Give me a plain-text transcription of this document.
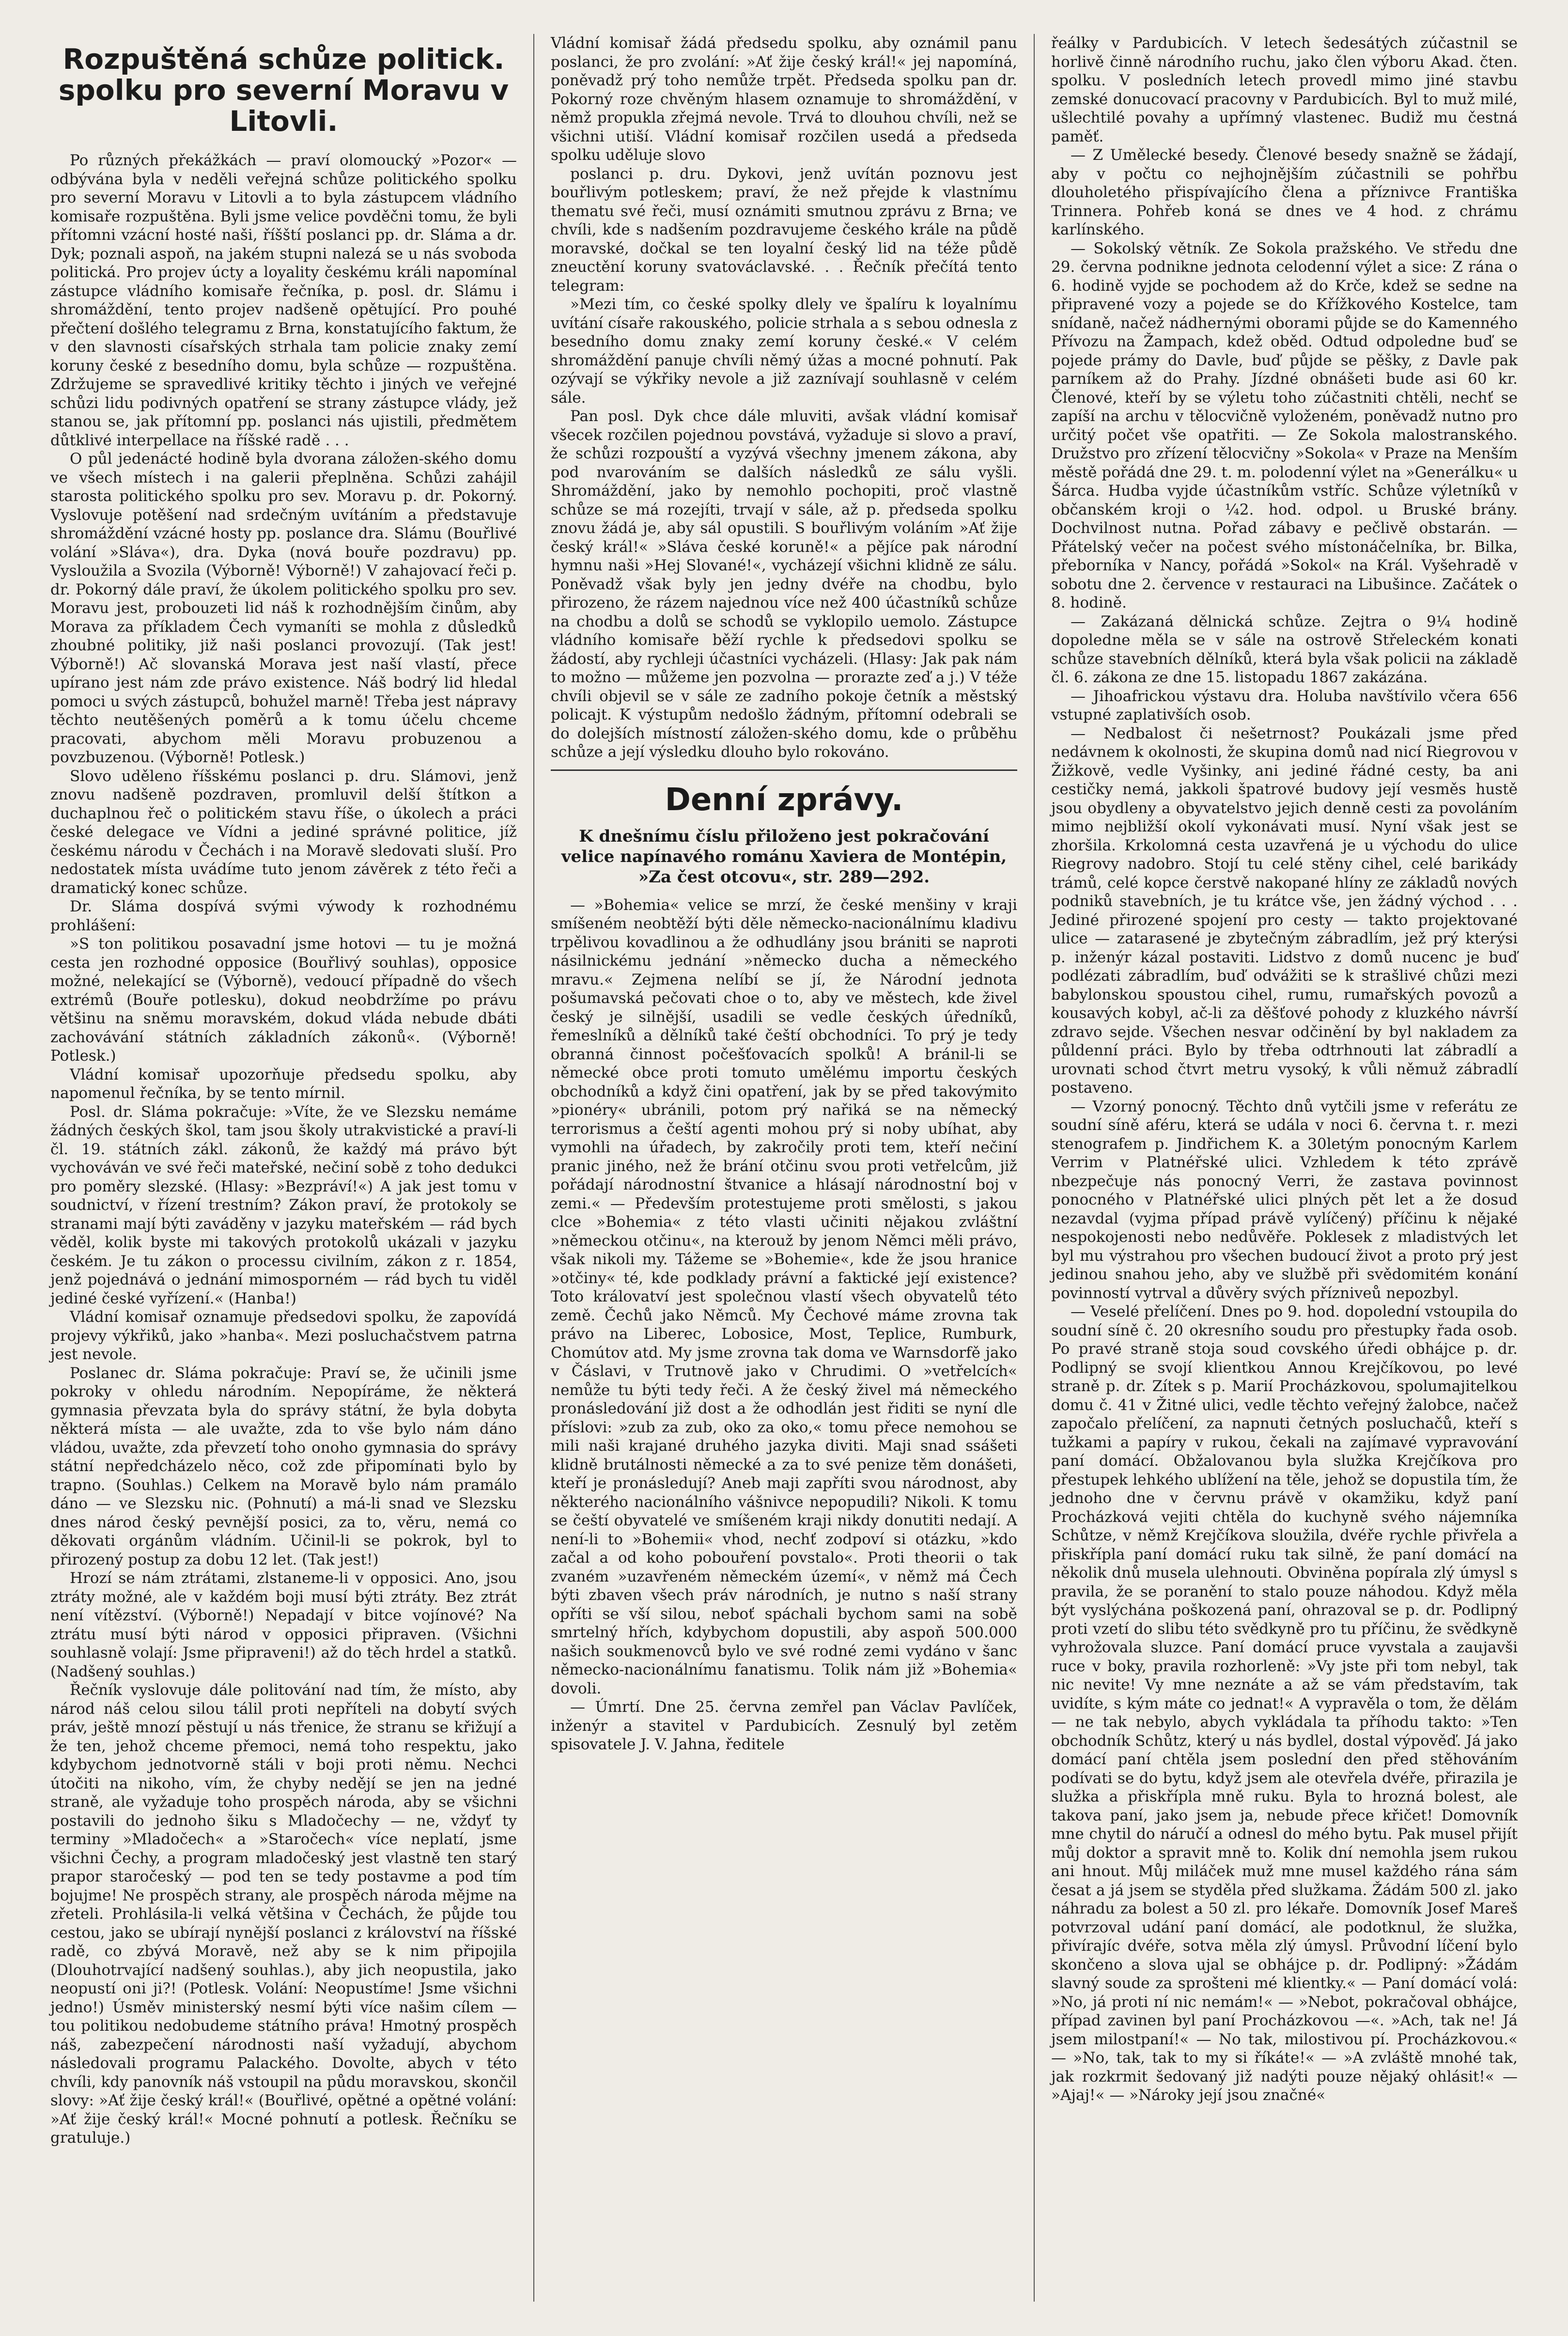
Rozpuštěná schůze politick. spolku pro severní Moravu v Litovli.

Po různých překážkách — praví olomoucký »Pozor« — odbývána byla v neděli veřejná schůze politického spolku pro severní Moravu v Litovli a to byla zástupcem vládního komisaře rozpuštěna. Byli jsme velice povděčni tomu, že byli přítomni vzácní hosté naši, říšští poslanci pp. dr. Sláma a dr. Dyk; poznali aspoň, na jakém stupni nalezá se u nás svoboda politická. Pro projev úcty a loyality českému králi napomínal zástupce vládního komisaře řečníka, p. posl. dr. Slámu i shromáždění, tento projev nadšeně opětující. Pro pouhé přečtení došlého telegramu z Brna, konstatujícího faktum, že v den slavnosti císařských strhala tam policie znaky zemí koruny české z besedního domu, byla schůze — rozpuštěna. Zdržujeme se spravedlivé kritiky těchto i jiných ve veřejné schůzi lidu podivných opatření se strany zástupce vlády, jež stanou se, jak přítomní pp. poslanci nás ujistili, předmětem důtklivé interpellace na říšské radě . . .

O půl jedenácté hodině byla dvorana záložen-ského domu ve všech místech i na galerii přeplněna. Schůzi zahájil starosta politického spolku pro sev. Moravu p. dr. Pokorný. Vyslovuje potěšení nad srdečným uvítáním a představuje shromáždění vzácné hosty pp. poslance dra. Slámu (Bouřlivé volání »Sláva«), dra. Dyka (nová bouře pozdravu) pp. Vysloužila a Svozila (Výborně! Výborně!) V zahajovací řeči p. dr. Pokorný dále praví, že úkolem politického spolku pro sev. Moravu jest, probouzeti lid náš k rozhodnějším činům, aby Morava za příkladem Čech vymaníti se mohla z důsledků zhoubné politiky, již naši poslanci provozují. (Tak jest! Výborně!) Ač slovanská Morava jest naší vlastí, přece upírano jest nám zde právo existence. Náš bodrý lid hledal pomoci u svých zástupců, bohužel marně! Třeba jest nápravy těchto neutěšených poměrů a k tomu účelu chceme pracovati, abychom měli Moravu probuzenou a povzbuzenou. (Výborně! Potlesk.)

Slovo uděleno říšskému poslanci p. dru. Slámovi, jenž znovu nadšeně pozdraven, promluvil delší štítkon a duchaplnou řeč o politickém stavu říše, o úkolech a práci české delegace ve Vídni a jediné správné politice, jíž českému národu v Čechách i na Moravě sledovati sluší. Pro nedostatek místa uvádíme tuto jenom závěrek z této řeči a dramatický konec schůze.

Dr. Sláma dospívá svými výwody k rozhodnému prohlášení:

»S ton politikou posavadní jsme hotovi — tu je možná cesta jen rozhodné opposice (Bouřlivý souhlas), opposice možné, nelekající se (Výborně), vedoucí případně do všech extrémů (Bouře potlesku), dokud neobdržíme po právu většinu na sněmu moravském, dokud vláda nebude dbáti zachovávání státních základních zákonů«. (Výborně! Potlesk.)

Vládní komisař upozorňuje předsedu spolku, aby napomenul řečníka, by se tento mírnil.

Posl. dr. Sláma pokračuje: »Víte, že ve Slezsku nemáme žádných českých škol, tam jsou školy utrakvistické a praví-li čl. 19. státních zákl. zákonů, že každý má právo být vychováván ve své řeči mateřské, nečiní sobě z toho dedukci pro poměry slezské. (Hlasy: »Bezpráví!«) A jak jest tomu v soudnictví, v řízení trestním? Zákon praví, že protokoly se stranami mají býti zaváděny v jazyku mateřském — rád bych věděl, kolik byste mi takových protokolů ukázali v jazyku českém. Je tu zákon o processu civilním, zákon z r. 1854, jenž pojednává o jednání mimosporném — rád bych tu viděl jediné české vyřízení.« (Hanba!)

Vládní komisař oznamuje předsedovi spolku, že zapovídá projevy výkřiků, jako »hanba«. Mezi posluchačstvem patrna jest nevole.

Poslanec dr. Sláma pokračuje: Praví se, že učinili jsme pokroky v ohledu národním. Nepopíráme, že některá gymnasia převzata byla do správy státní, že byla dobyta některá místa — ale uvažte, zda to vše bylo nám dáno vládou, uvažte, zda převzetí toho onoho gymnasia do správy státní nepředcházelo něco, což zde připomínati bylo by trapno. (Souhlas.) Celkem na Moravě bylo nám pramálo dáno — ve Slezsku nic. (Pohnutí) a má-li snad ve Slezsku dnes národ český pevnější posici, za to, věru, nemá co děkovati orgánům vládním. Učinil-li se pokrok, byl to přirozený postup za dobu 12 let. (Tak jest!)

Hrozí se nám ztrátami, zlstaneme-li v opposici. Ano, jsou ztráty možné, ale v každém boji musí býti ztráty. Bez ztrát není vítězství. (Výborně!) Nepadají v bitce vojínové? Na ztrátu musí býti národ v opposici připraven. (Všichni souhlasně volají: Jsme připraveni!) až do těch hrdel a statků. (Nadšený souhlas.)

Řečník vyslovuje dále politování nad tím, že místo, aby národ náš celou silou tálil proti nepříteli na dobytí svých práv, ještě mnozí pěstují u nás třenice, že stranu se křižují a že ten, jehož chceme přemoci, nemá toho respektu, jako kdybychom jednotvorně stáli v boji proti němu. Nechci útočiti na nikoho, vím, že chyby nedějí se jen na jedné straně, ale vyžaduje toho prospěch národa, aby se všichni postavili do jednoho šiku s Mladočechy — ne, vždyť ty terminy »Mladočech« a »Staročech« více neplatí, jsme všichni Čechy, a program mladočeský jest vlastně ten starý prapor staročeský — pod ten se tedy postavme a pod tím bojujme! Ne prospěch strany, ale prospěch národa mějme na zřeteli. Prohlásila-li velká většina v Čechách, že půjde tou cestou, jako se ubírají nynější poslanci z království na říšské radě, co zbývá Moravě, než aby se k nim připojila (Dlouhotrvající nadšený souhlas.), aby jich neopustila, jako neopustí oni ji?! (Potlesk. Volání: Neopustíme! Jsme všichni jedno!) Úsměv ministerský nesmí býti více našim cílem — tou politikou nedobudeme státního práva! Hmotný prospěch náš, zabezpečení národnosti naší vyžadují, abychom následovali programu Palackého. Dovolte, abych v této chvíli, kdy panovník náš vstoupil na půdu moravskou, skončil slovy: »Ať žije český král!« (Bouřlivé, opětné a opětné volání: »Ať žije český král!« Mocné pohnutí a potlesk. Řečníku se gratuluje.)

Vládní komisař žádá předsedu spolku, aby oznámil panu poslanci, že pro zvolání: »Ať žije český král!« jej napomíná, poněvadž prý toho nemůže trpět. Předseda spolku pan dr. Pokorný roze chvěným hlasem oznamuje to shromáždění, v němž propukla zřejmá nevole. Trvá to dlouhou chvíli, než se všichni utiší. Vládní komisař rozčilen usedá a předseda spolku uděluje slovo

poslanci p. dru. Dykovi, jenž uvítán poznovu jest bouřlivým potleskem; praví, že než přejde k vlastnímu thematu své řeči, musí oznámiti smutnou zprávu z Brna; ve chvíli, kde s nadšením pozdravujeme českého krále na půdě moravské, dočkal se ten loyalní český lid na téže půdě zneuctění koruny svatováclavské. . . Řečník přečítá tento telegram:

»Mezi tím, co české spolky dlely ve špalíru k loyalnímu uvítání císaře rakouského, policie strhala a s sebou odnesla z besedního domu znaky zemí koruny české.« V celém shromáždění panuje chvíli němý úžas a mocné pohnutí. Pak ozývají se výkřiky nevole a již zaznívají souhlasně v celém sále.

Pan posl. Dyk chce dále mluviti, avšak vládní komisař všecek rozčilen pojednou povstává, vyžaduje si slovo a praví, že schůzi rozpouští a vyzývá všechny jmenem zákona, aby pod nvarováním se dalších následků ze sálu vyšli. Shromáždění, jako by nemohlo pochopiti, proč vlastně schůze se má rozejíti, trvají v sále, až p. předseda spolku znovu žádá je, aby sál opustili. S bouřlivým voláním »Ať žije český král!« »Sláva české koruně!« a pějíce pak národní hymnu naši »Hej Slované!«, vycházejí všichni klidně ze sálu. Poněvadž však byly jen jedny dvéře na chodbu, bylo přirozeno, že rázem najednou více než 400 účastníků schůze na chodbu a dolů se schodů se vyklopilo uemolo. Zástupce vládního komisaře běží rychle k předsedovi spolku se žádostí, aby rychleji účastníci vycházeli. (Hlasy: Jak pak nám to možno — můžeme jen pozvolna — prorazte zeď a j.) V téže chvíli objevil se v sále ze zadního pokoje četník a městský policajt. K výstupům nedošlo žádným, přítomní odebrali se do dolejších místností záložen-ského domu, kde o průběhu schůze a její výsledku dlouho bylo rokováno.

Denní zprávy.
K dnešnímu číslu přiloženo jest pokračování velice napínavého románu Xaviera de Montépin, »Za čest otcovu«, str. 289—292.

— »Bohemia« velice se mrzí, že české menšiny v kraji smíšeném neobtěží býti děle německo-nacionálnímu kladivu trpělivou kovadlinou a že odhudlány jsou brániti se naproti násilnickému jednání »německo ducha a německého mravu.« Zejmena nelíbí se jí, že Národní jednota pošumavská pečovati choe o to, aby ve městech, kde živel český je silnější, usadili se vedle českých úředníků, řemeslníků a dělníků také čeští obchodníci. To prý je tedy obranná činnost počešťovacích spolků! A bránil-li se německé obce proti tomuto umělému importu českých obchodníků a když čini opatření, jak by se před takovýmito »pionéry« ubránili, potom prý nařiká se na německý terrorismus a čeští agenti mohou prý si noby ubíhat, aby vymohli na úřadech, by zakročily proti tem, kteří nečiní pranic jiného, než že brání otčinu svou proti vetřelcům, již pořádají národnostní štvanice a hlásají národnostní boj v zemi.« — Především protestujeme proti smělosti, s jakou clce »Bohemia« z této vlasti učiniti nějakou zvláštní »německou otčinu«, na kterouž by jenom Němci měli právo, však nikoli my. Tážeme se »Bohemie«, kde že jsou hranice »otčiny« té, kde podklady právní a faktické její existence? Toto královatví jest společnou vlastí všech obyvatelů této země. Čechů jako Němců. My Čechové máme zrovna tak právo na Liberec, Lobosice, Most, Teplice, Rumburk, Chomútov atd. My jsme zrovna tak doma ve Warnsdorfě jako v Čáslavi, v Trutnově jako v Chrudimi. O »vetřelcích« nemůže tu býti tedy řeči. A že český živel má německého pronásledování již dost a že odhodlán jest řiditi se nyní dle příslovi: »zub za zub, oko za oko,« tomu přece nemohou se mili naši krajané druhého jazyka diviti. Maji snad ssášeti klidně brutálnosti německé a za to své penize těm donášeti, kteří je pronásledují? Aneb maji zapříti svou národnost, aby některého nacionálního vášnivce nepopudili? Nikoli. K tomu se čeští obyvatelé ve smíšeném kraji nikdy donutiti nedají. A není-li to »Bohemii« vhod, nechť zodpoví si otázku, »kdo začal a od koho pobouření povstalo«. Proti theorii o tak zvaném »uzavřeném německém území«, v němž má Čech býti zbaven všech práv národních, je nutno s naší strany opříti se vší silou, neboť spáchali bychom sami na sobě smrtelný hřích, kdybychom dopustili, aby aspoň 500.000 našich soukmenovců bylo ve své rodné zemi vydáno v šanc německo-nacionálnímu fanatismu. Tolik nám již »Bohemia« dovoli.

— Úmrtí. Dne 25. června zemřel pan Václav Pavlíček, inženýr a stavitel v Pardubicích. Zesnulý byl zetěm spisovatele J. V. Jahna, ředitele

řeálky v Pardubicích. V letech šedesátých zúčastnil se horlivě činně národního ruchu, jako člen výboru Akad. čten. spolku. V posledních letech provedl mimo jiné stavbu zemské donucovací pracovny v Pardubicích. Byl to muž milé, ušlechtilé povahy a upřímný vlastenec. Budiž mu čestná paměť.

— Z Umělecké besedy. Členové besedy snažně se žádají, aby v počtu co nejhojnějším zúčastnili se pohřbu dlouholetého přispívajícího člena a příznivce Františka Trinnera. Pohřeb koná se dnes ve 4 hod. z chrámu karlínského.

— Sokolský větník. Ze Sokola pražského. Ve středu dne 29. června podnikne jednota celodenní výlet a sice: Z rána o 6. hodině vyjde se pochodem až do Krče, kdež se sedne na připravené vozy a pojede se do Křížkového Kostelce, tam snídaně, načež nádhernými oborami půjde se do Kamenného Přívozu na Žampach, kdež oběd. Odtud odpoledne buď se pojede prámy do Davle, buď půjde se pěšky, z Davle pak parníkem až do Prahy. Jízdné obnášeti bude asi 60 kr. Členové, kteří by se výletu toho zúčastniti chtěli, nechť se zapíší na archu v tělocvičně vyloženém, poněvadž nutno pro určitý počet vše opatřiti. — Ze Sokola malostranského. Družstvo pro zřízení tělocvičny »Sokola« v Praze na Menším městě pořádá dne 29. t. m. polodenní výlet na »Generálku« u Šárca. Hudba vyjde účastníkům vstříc. Schůze výletníků v občanském kroji o ¼2. hod. odpol. u Bruské brány. Dochvilnost nutna. Pořad zábavy e pečlivě obstarán. — Přátelský večer na počest svého místonáčelníka, br. Bilka, přeborníka v Nancy, pořádá »Sokol« na Král. Vyšehradě v sobotu dne 2. července v restauraci na Libušince. Začátek o 8. hodině.

— Zakázaná dělnická schůze. Zejtra o 9¼ hodině dopoledne měla se v sále na ostrově Střeleckém konati schůze stavebních dělníků, která byla však policii na základě čl. 6. zákona ze dne 15. listopadu 1867 zakázána.

— Jihoafrickou výstavu dra. Holuba navštívilo včera 656 vstupné zaplativších osob.

— Nedbalost či nešetrnost? Poukázali jsme před nedávnem k okolnosti, že skupina domů nad nicí Riegrovou v Žižkově, vedle Vyšinky, ani jediné řádné cesty, ba ani cestičky nemá, jakkoli špatrové budovy její vesměs hustě jsou obydleny a obyvatelstvo jejich denně cesti za povoláním mimo nejbližší okolí vykonávati musí. Nyní však jest se zhoršila. Krkolomná cesta uzavřená je u východu do ulice Riegrovy nadobro. Stojí tu celé stěny cihel, celé barikády trámů, celé kopce čerstvě nakopané hlíny ze základů nových podniků stavebních, je tu krátce vše, jen žádný východ . . . Jediné přirozené spojení pro cesty — takto projektované ulice — zatarasené je zbytečným zábradlím, jež prý kterýsi p. inženýr kázal postaviti. Lidstvo z domů nucenc je buď podlézati zábradlím, buď odvážiti se k strašlivé chůzi mezi babylonskou spoustou cihel, rumu, rumařských povozů a kousavých kobyl, ač-li za děšťové pohody z kluzkého návrší zdravo sejde. Všechen nesvar odčinění by byl nakladem za půldenní práci. Bylo by třeba odtrhnouti lat zábradlí a urovnati schod čtvrt metru vysoký, k vůli němuž zábradlí postaveno.

— Vzorný ponocný. Těchto dnů vytčili jsme v referátu ze soudní síně aféru, která se udála v noci 6. června t. r. mezi stenografem p. Jindřichem K. a 30letým ponocným Karlem Verrim v Platnéřské ulici. Vzhledem k této zprávě nbezpečuje nás ponocný Verri, že zastava povinnost ponocného v Platnéřské ulici plných pět let a že dosud nezavdal (vyjma případ právě vylíčený) příčinu k nějaké nespokojenosti nebo nedůvěře. Poklesek z mladistvých let byl mu výstrahou pro všechen budoucí život a proto prý jest jedinou snahou jeho, aby ve službě při svědomitém konání povinností vytrval a důvěry svých přízniveů nepozbyl.

— Veselé přelíčení. Dnes po 9. hod. dopolední vstoupila do soudní síně č. 20 okresního soudu pro přestupky řada osob. Po pravé straně stoja soud covského úředi obhájce p. dr. Podlipný se svojí klientkou Annou Krejčíkovou, po levé straně p. dr. Zítek s p. Marií Procházkovou, spolumajitelkou domu č. 41 v Žitné ulici, vedle těchto veřejný žalobce, načež započalo přelíčení, za napnuti četných posluchačů, kteří s tužkami a papíry v rukou, čekali na zajímavé vypravování paní domácí. Obžalovanou byla služka Krejčíkova pro přestupek lehkého ublížení na těle, jehož se dopustila tím, že jednoho dne v červnu právě v okamžiku, když paní Procházková vejiti chtěla do kuchyně svého nájemníka Schůtze, v němž Krejčíkova sloužila, dvéře rychle přivřela a přiskřípla paní domácí ruku tak silně, že paní domácí na několik dnů musela ulehnouti. Obviněna popírala zlý úmysl s pravila, že se poranění to stalo pouze náhodou. Když měla být vyslýchána poškozená paní, ohrazoval se p. dr. Podlipný proti vzetí do slibu této svědkyně pro tu příčinu, že svědkyně vyhrožovala sluzce. Paní domácí pruce vyvstala a zaujavši ruce v boky, pravila rozhorleně: »Vy jste při tom nebyl, tak nic nevite! Vy mne neznáte a až se vám představím, tak uvidíte, s kým máte co jednat!« A vypravěla o tom, že dělám — ne tak nebylo, abych vykládala ta příhodu takto: »Ten obchodník Schůtz, který u nás bydlel, dostal výpověď. Já jako domácí paní chtěla jsem poslední den před stěhováním podívati se do bytu, když jsem ale otevřela dvéře, přirazila je služka a přiskřípla mně ruku. Byla to hrozná bolest, ale takova paní, jako jsem ja, nebude přece křičet! Domovník mne chytil do náručí a odnesl do mého bytu. Pak musel přijít můj doktor a spravit mně to. Kolik dní nemohla jsem rukou ani hnout. Můj miláček muž mne musel každého rána sám česat a já jsem se styděla před služkama. Žádám 500 zl. jako náhradu za bolest a 50 zl. pro lékaře. Domovník Josef Mareš potvrzoval udání paní domácí, ale podotknul, že služka, přivírajíc dvéře, sotva měla zlý úmysl. Průvodní líčení bylo skončeno a slova ujal se obhájce p. dr. Podlipný: »Žádám slavný soude za sprošteni mé klientky.« — Paní domácí volá: »No, já proti ní nic nemám!« — »Nebot, pokračoval obhájce, případ zavinen byl paní Procházkovou —«. »Ach, tak ne! Já jsem milostpaní!« — No tak, milostivou pí. Procházkovou.« — »No, tak, tak to my si říkáte!« — »A zvláště mnohé tak, jak rozkrmit šedovaný již nadýti pouze nějaký ohlásit!« — »Ajaj!« — »Nároky její jsou značné«
